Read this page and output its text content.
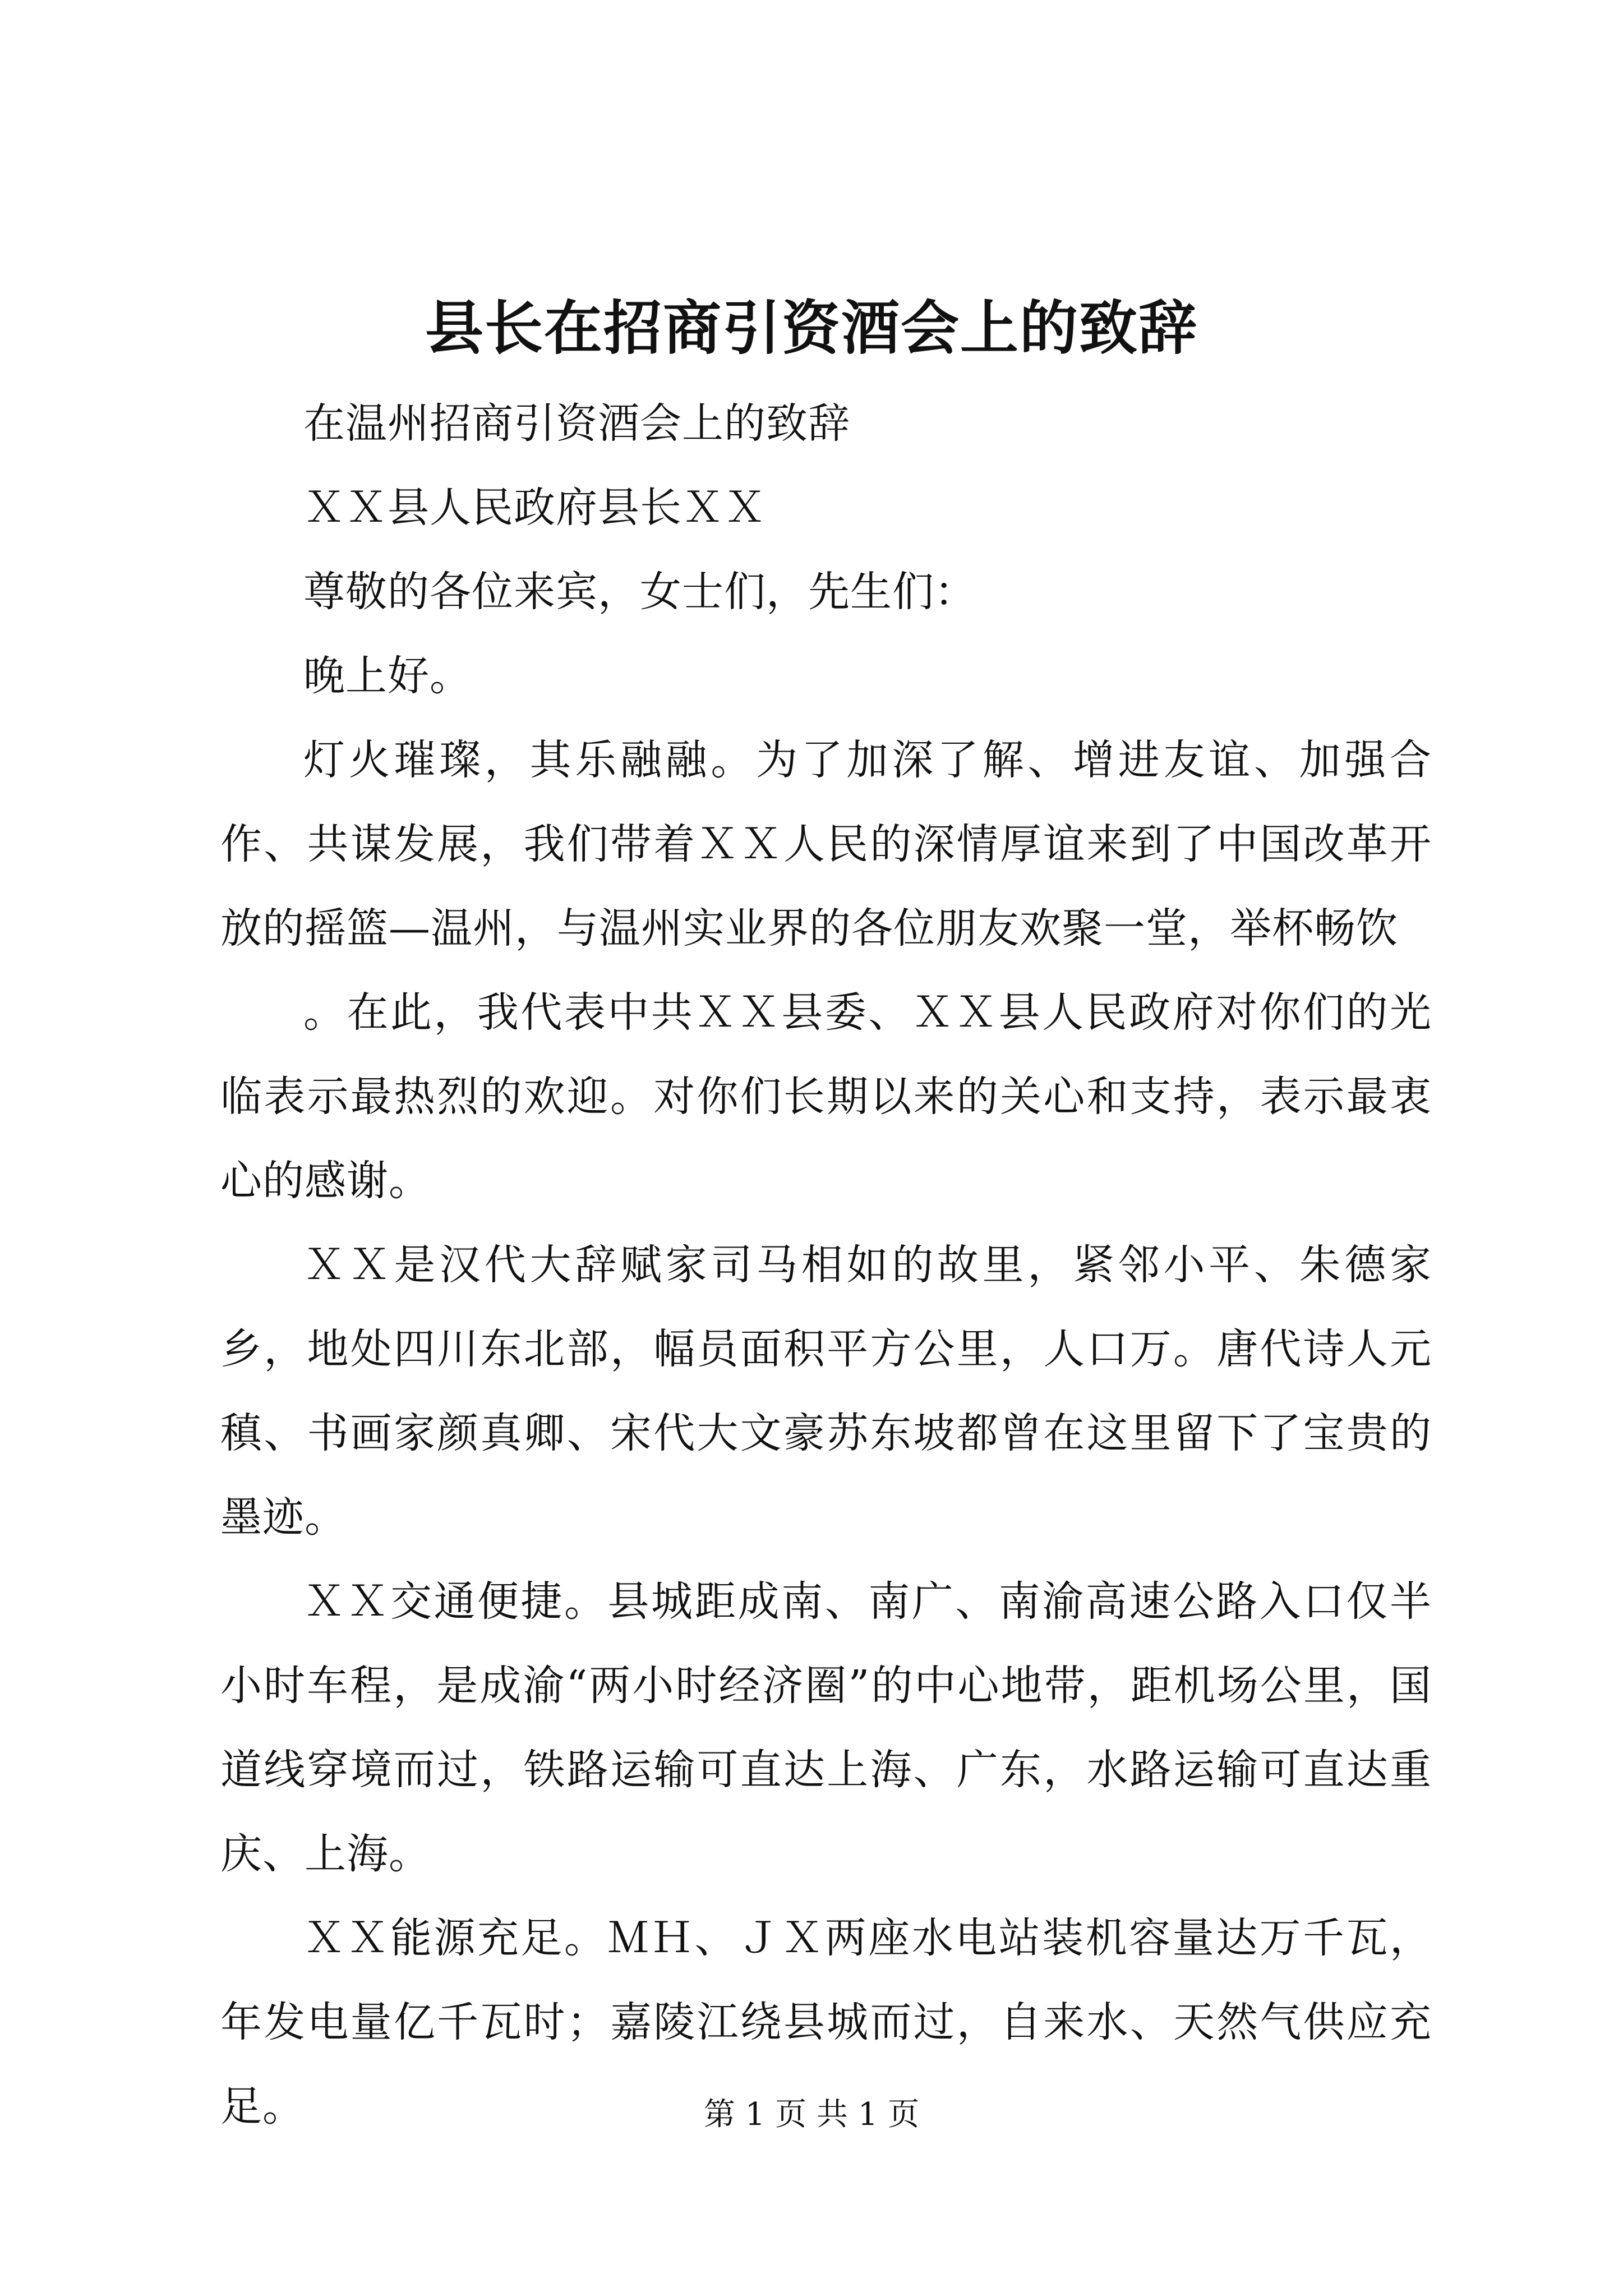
县长在招商引资酒会上的致辞

在温州招商引资酒会上的致辞

ＸＸ县人民政府县长ＸＸ

尊敬的各位来宾，女士们，先生们：

晚上好。

灯火璀璨，其乐融融。为了加深了解、增进友谊、加强合作、共谋发展，我们带着ＸＸ人民的深情厚谊来到了中国改革开放的摇篮—温州，与温州实业界的各位朋友欢聚一堂，举杯畅饮

。在此，我代表中共ＸＸ县委、ＸＸ县人民政府对你们的光临表示最热烈的欢迎。对你们长期以来的关心和支持，表示最衷心的感谢。

ＸＸ是汉代大辞赋家司马相如的故里，紧邻小平、朱德家乡，地处四川东北部，幅员面积平方公里，人口万。唐代诗人元稹、书画家颜真卿、宋代大文豪苏东坡都曾在这里留下了宝贵的墨迹。

ＸＸ交通便捷。县城距成南、南广、南渝高速公路入口仅半小时车程，是成渝“两小时经济圈”的中心地带，距机场公里，国道线穿境而过，铁路运输可直达上海、广东，水路运输可直达重庆、上海。

ＸＸ能源充足。ＭＨ、ＪＸ两座水电站装机容量达万千瓦，年发电量亿千瓦时；嘉陵江绕县城而过，自来水、天然气供应充足。	第 1 页 共 1 页
